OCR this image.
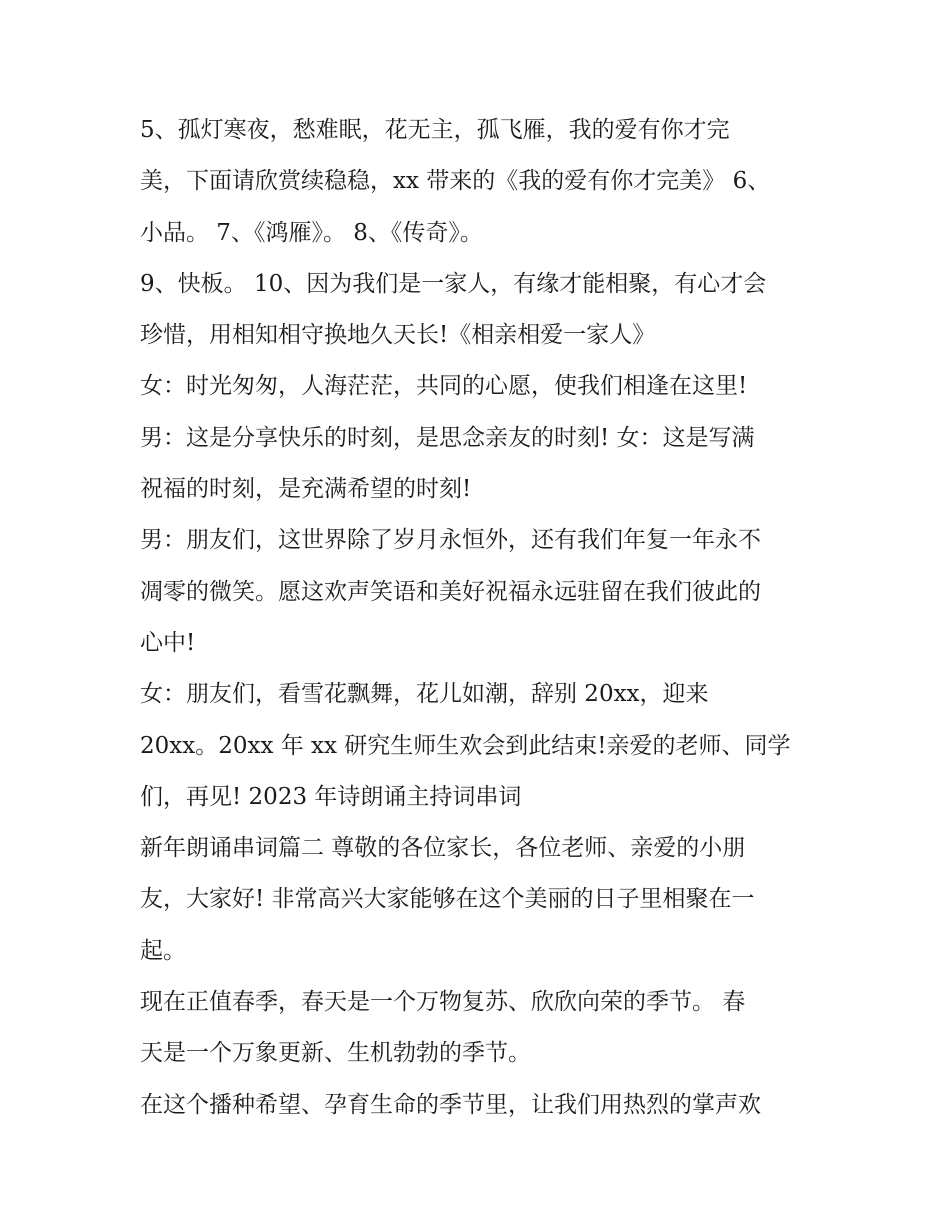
5、孤灯寒夜，愁难眠，花无主，孤飞雁，我的爱有你才完

美，下面请欣赏续稳稳，xx 带来的《我的爱有你才完美》 6、

小品。 7、《鸿雁》。 8、《传奇》。

9、快板。 10、因为我们是一家人，有缘才能相聚，有心才会

珍惜，用相知相守换地久天长!《相亲相爱一家人》

女：时光匆匆，人海茫茫，共同的心愿，使我们相逢在这里!

男：这是分享快乐的时刻，是思念亲友的时刻! 女：这是写满

祝福的时刻，是充满希望的时刻!

男：朋友们，这世界除了岁月永恒外，还有我们年复一年永不

凋零的微笑。愿这欢声笑语和美好祝福永远驻留在我们彼此的

心中!

女：朋友们，看雪花飘舞，花儿如潮，辞别 20xx，迎来

20xx。20xx 年 xx 研究生师生欢会到此结束!亲爱的老师、同学

们，再见! 2023 年诗朗诵主持词串词

新年朗诵串词篇二 尊敬的各位家长，各位老师、亲爱的小朋

友，大家好! 非常高兴大家能够在这个美丽的日子里相聚在一

起。

现在正值春季，春天是一个万物复苏、欣欣向荣的季节。 春

天是一个万象更新、生机勃勃的季节。

在这个播种希望、孕育生命的季节里，让我们用热烈的掌声欢
